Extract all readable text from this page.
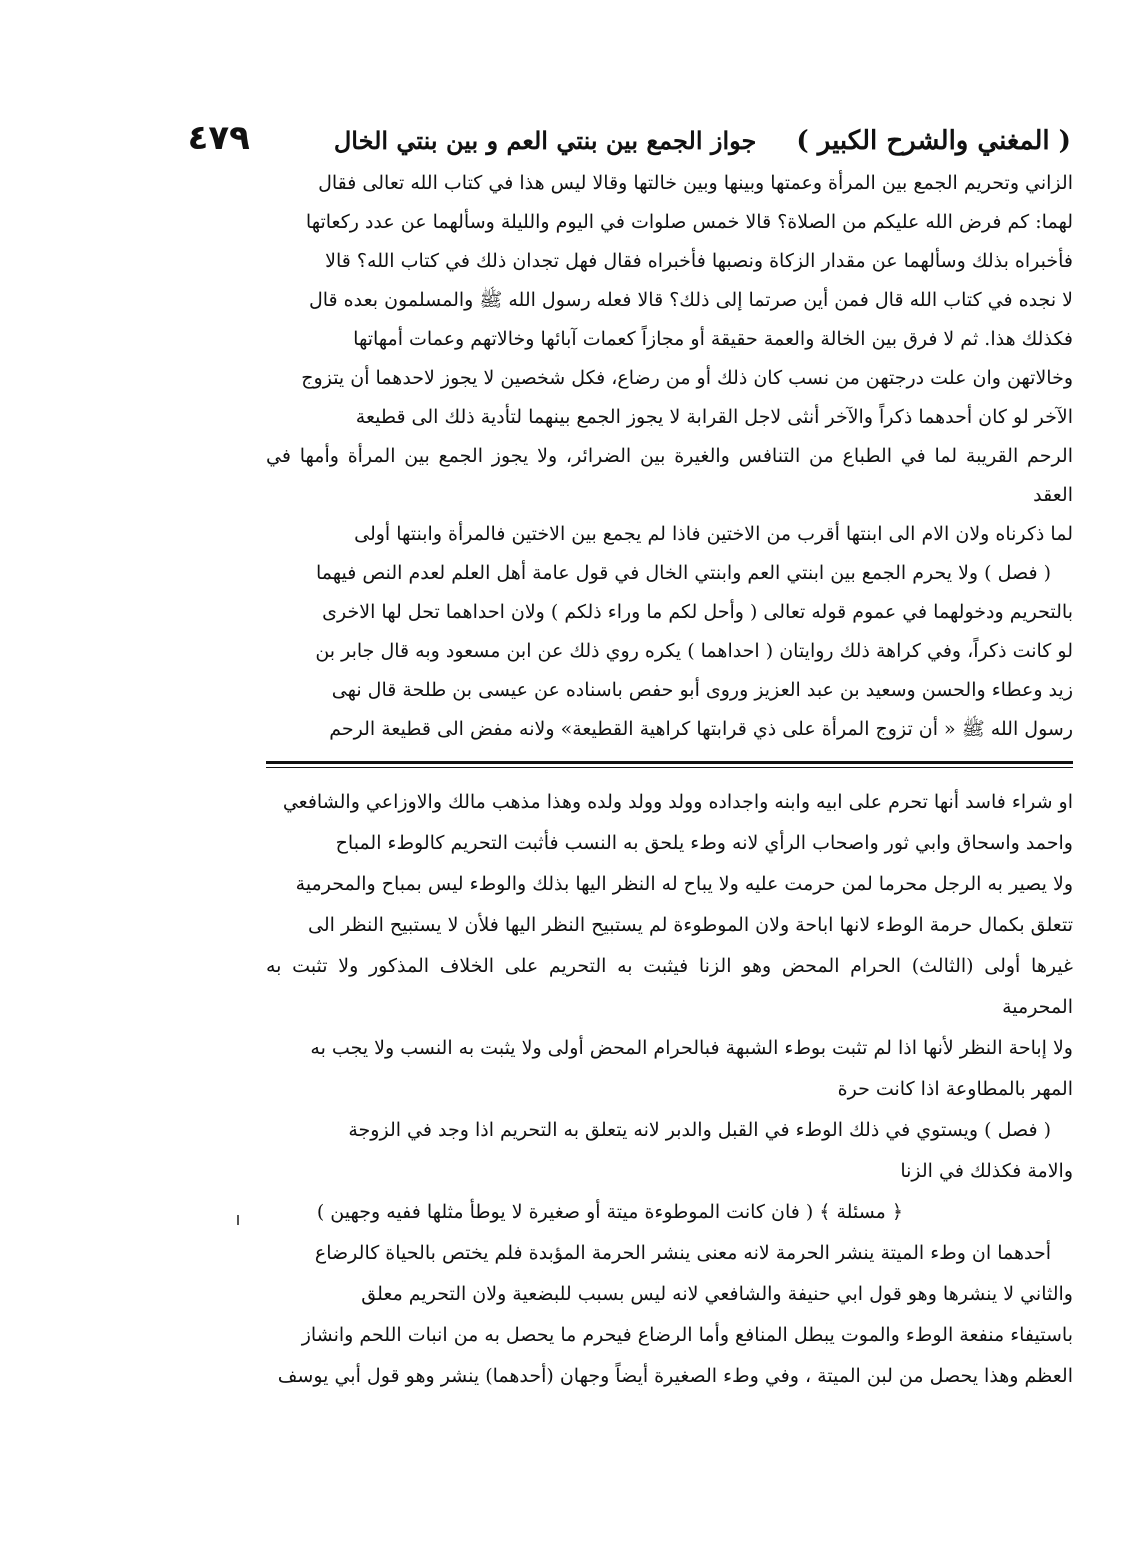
( المغني والشرح الكبير )
جواز الجمع بين بنتي العم و بين بنتي الخال
٤٧٩

الزاني وتحريم الجمع بين المرأة وعمتها وبينها وبين خالتها وقالا ليس هذا في كتاب الله تعالى فقال

لهما: كم فرض الله عليكم من الصلاة؟ قالا خمس صلوات في اليوم والليلة وسألهما عن عدد ركعاتها

فأخبراه بذلك وسألهما عن مقدار الزكاة ونصبها فأخبراه فقال فهل تجدان ذلك في كتاب الله؟ قالا

لا نجده في كتاب الله قال فمن أين صرتما إلى ذلك؟ قالا فعله رسول الله ﷺ والمسلمون بعده قال

فكذلك هذا. ثم لا فرق بين الخالة والعمة حقيقة أو مجازاً كعمات آبائها وخالاتهم وعمات أمهاتها

وخالاتهن وان علت درجتهن من نسب كان ذلك أو من رضاع، فكل شخصين لا يجوز لاحدهما أن يتزوج

الآخر لو كان أحدهما ذكراً والآخر أنثى لاجل القرابة لا يجوز الجمع بينهما لتأدية ذلك الى قطيعة

الرحم القريبة لما في الطباع من التنافس والغيرة بين الضرائر، ولا يجوز الجمع بين المرأة وأمها في العقد

لما ذكرناه ولان الام الى ابنتها أقرب من الاختين فاذا لم يجمع بين الاختين فالمرأة وابنتها أولى

( فصل ) ولا يحرم الجمع بين ابنتي العم وابنتي الخال في قول عامة أهل العلم لعدم النص فيهما

بالتحريم ودخولهما في عموم قوله تعالى ( وأحل لكم ما وراء ذلكم ) ولان احداهما تحل لها الاخرى

لو كانت ذكراً، وفي كراهة ذلك روايتان ( احداهما ) يكره روي ذلك عن ابن مسعود وبه قال جابر بن

زيد وعطاء والحسن وسعيد بن عبد العزيز وروى أبو حفص باسناده عن عيسى بن طلحة قال نهى

رسول الله ﷺ « أن تزوج المرأة على ذي قرابتها كراهية القطيعة» ولانه مفض الى قطيعة الرحم

او شراء فاسد أنها تحرم على ابيه وابنه واجداده وولد وولد ولده وهذا مذهب مالك والاوزاعي والشافعي

واحمد واسحاق وابي ثور واصحاب الرأي لانه وطء يلحق به النسب فأثبت التحريم كالوطء المباح

ولا يصير به الرجل محرما لمن حرمت عليه ولا يباح له النظر اليها بذلك والوطء ليس بمباح والمحرمية

تتعلق بكمال حرمة الوطء لانها اباحة ولان الموطوءة لم يستبيح النظر اليها فلأن لا يستبيح النظر الى

غيرها أولى (الثالث) الحرام المحض وهو الزنا فيثبت به التحريم على الخلاف المذكور ولا تثبت به المحرمية

ولا إباحة النظر لأنها اذا لم تثبت بوطء الشبهة فبالحرام المحض أولى ولا يثبت به النسب ولا يجب به

المهر بالمطاوعة اذا كانت حرة

( فصل ) ويستوي في ذلك الوطء في القبل والدبر لانه يتعلق به التحريم اذا وجد في الزوجة

والامة فكذلك في الزنا

﴿ مسئلة ﴾ ( فان كانت الموطوءة ميتة أو صغيرة لا يوطأ مثلها ففيه وجهين )

أحدهما ان وطء الميتة ينشر الحرمة لانه معنى ينشر الحرمة المؤبدة فلم يختص بالحياة كالرضاع

والثاني لا ينشرها وهو قول ابي حنيفة والشافعي لانه ليس بسبب للبضعية ولان التحريم معلق

باستيفاء منفعة الوطء والموت يبطل المنافع وأما الرضاع فيحرم ما يحصل به من انبات اللحم وانشاز

العظم وهذا يحصل من لبن الميتة ، وفي وطء الصغيرة أيضاً وجهان (أحدهما) ينشر وهو قول أبي يوسف
